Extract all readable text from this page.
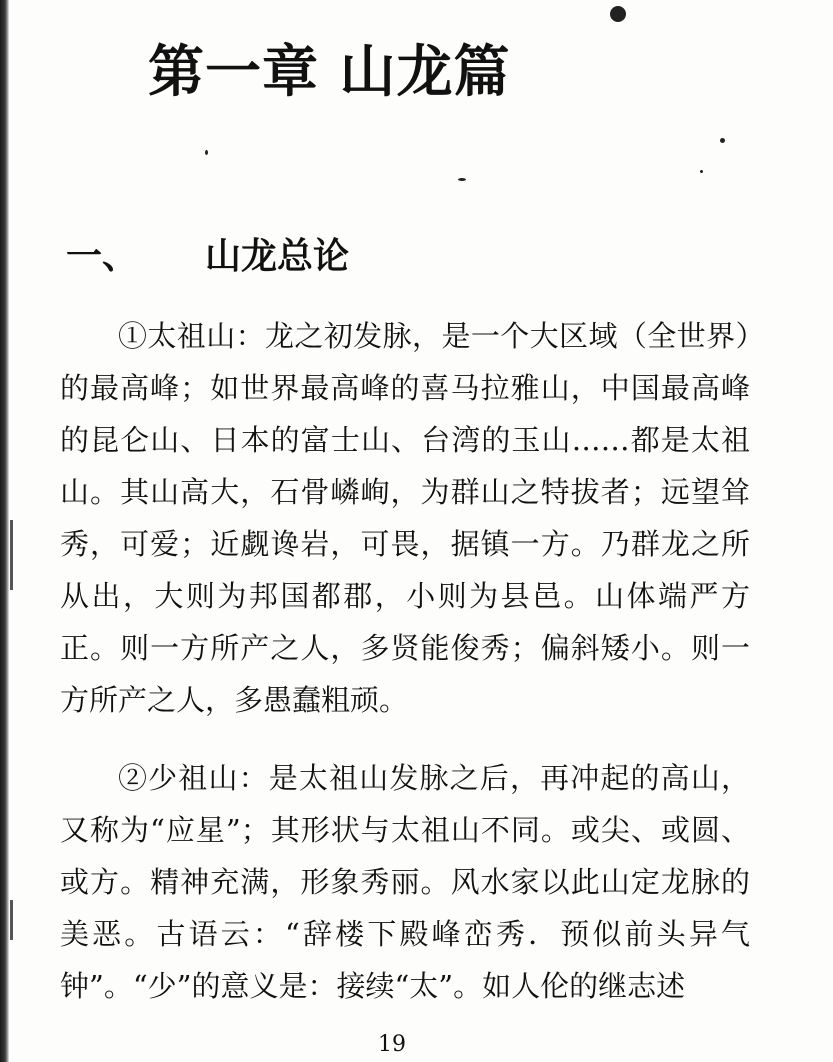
第一章 山龙篇
一、 山龙总论

①太祖山：龙之初发脉，是一个大区域（全世界）的最高峰；如世界最高峰的喜马拉雅山，中国最高峰的昆仑山、日本的富士山、台湾的玉山……都是太祖山。其山高大，石骨嶙峋，为群山之特拔者；远望耸秀，可爱；近觑谗岩，可畏，据镇一方。乃群龙之所从出，大则为邦国都郡，小则为县邑。山体端严方正。则一方所产之人，多贤能俊秀；偏斜矮小。则一方所产之人，多愚蠢粗顽。

②少祖山：是太祖山发脉之后，再冲起的高山，又称为“应星”；其形状与太祖山不同。或尖、或圆、或方。精神充满，形象秀丽。风水家以此山定龙脉的美恶。古语云：“辞楼下殿峰峦秀．预似前头异气钟”。“少”的意义是：接续“太”。如人伦的继志述

19
